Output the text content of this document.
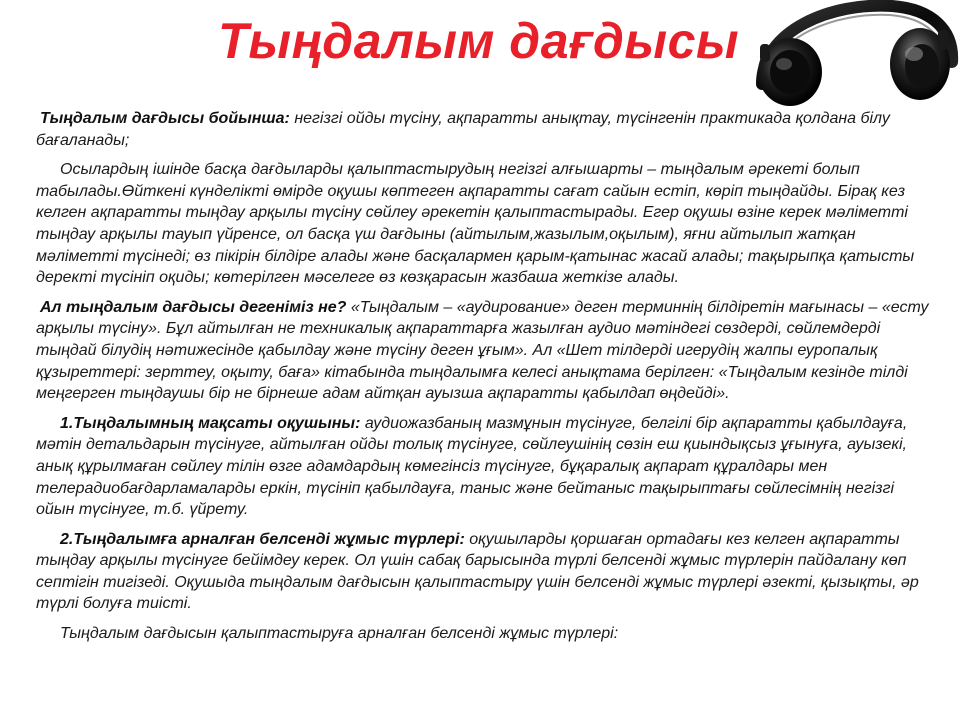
Тыңдалым дағдысы

Тыңдалым дағдысы бойынша: негізгі ойды түсіну, ақпаратты анықтау, түсінгенін практикада қолдана білу бағаланады;

Осылардың ішінде басқа дағдыларды қалыптастырудың негізгі алғышарты – тыңдалым әрекеті болып табылады.Өйткені күнделікті өмірде оқушы көптеген ақпаратты сағат сайын естіп, көріп тыңдайды. Бірақ кез келген ақпаратты тыңдау арқылы түсіну сөйлеу әрекетін қалыптастырады. Егер оқушы өзіне керек мәліметті тыңдау арқылы тауып үйренсе, ол басқа үш дағдыны (айтылым,жазылым,оқылым), яғни айтылып жатқан мәліметті түсінеді; өз пікірін білдіре алады және басқалармен қарым-қатынас жасай алады; тақырыпқа қатысты деректі түсініп оқиды; көтерілген мәселеге өз көзқарасын жазбаша жеткізе алады.

Ал тыңдалым дағдысы дегеніміз не? «Тыңдалым – «аудирование» деген терминнің білдіретін мағынасы – «есту арқылы түсіну». Бұл айтылған не техникалық ақпараттарға жазылған аудио мәтіндегі сөздерді, сөйлемдерді тыңдай білудің нәтижесінде қабылдау және түсіну деген ұғым». Ал «Шет тілдерді игерудің жалпы еуропалық құзыреттері: зерттеу, оқыту, баға» кітабында тыңдалымға келесі анықтама берілген: «Тыңдалым кезінде тілді меңгерген тыңдаушы бір не бірнеше адам айтқан ауызша ақпаратты қабылдап өңдейді».

1.Тыңдалымның мақсаты оқушыны: аудиожазбаның мазмұнын түсінуге, белгілі бір ақпаратты қабылдауға, мәтін детальдарын түсінуге, айтылған ойды толық түсінуге, сөйлеушінің сөзін еш қиындықсыз ұғынуға, ауызекі, анық құрылмаған сөйлеу тілін өзге адамдардың көмегінсіз түсінуге, бұқаралық ақпарат құралдары мен телерадиобағдарламаларды еркін, түсініп қабылдауға, таныс және бейтаныс тақырыптағы сөйлесімнің негізгі ойын түсінуге, т.б. үйрету.

2.Тыңдалымға арналған белсенді жұмыс түрлері: оқушыларды қоршаған ортадағы кез келген ақпаратты тыңдау арқылы түсінуге бейімдеу керек. Ол үшін сабақ барысында түрлі белсенді жұмыс түрлерін пайдалану көп септігін тигізеді. Оқушыда тыңдалым дағдысын қалыптастыру үшін белсенді жұмыс түрлері әзекті, қызықты, әр түрлі болуға тиісті.

Тыңдалым дағдысын қалыптастыруға арналған белсенді жұмыс түрлері:
